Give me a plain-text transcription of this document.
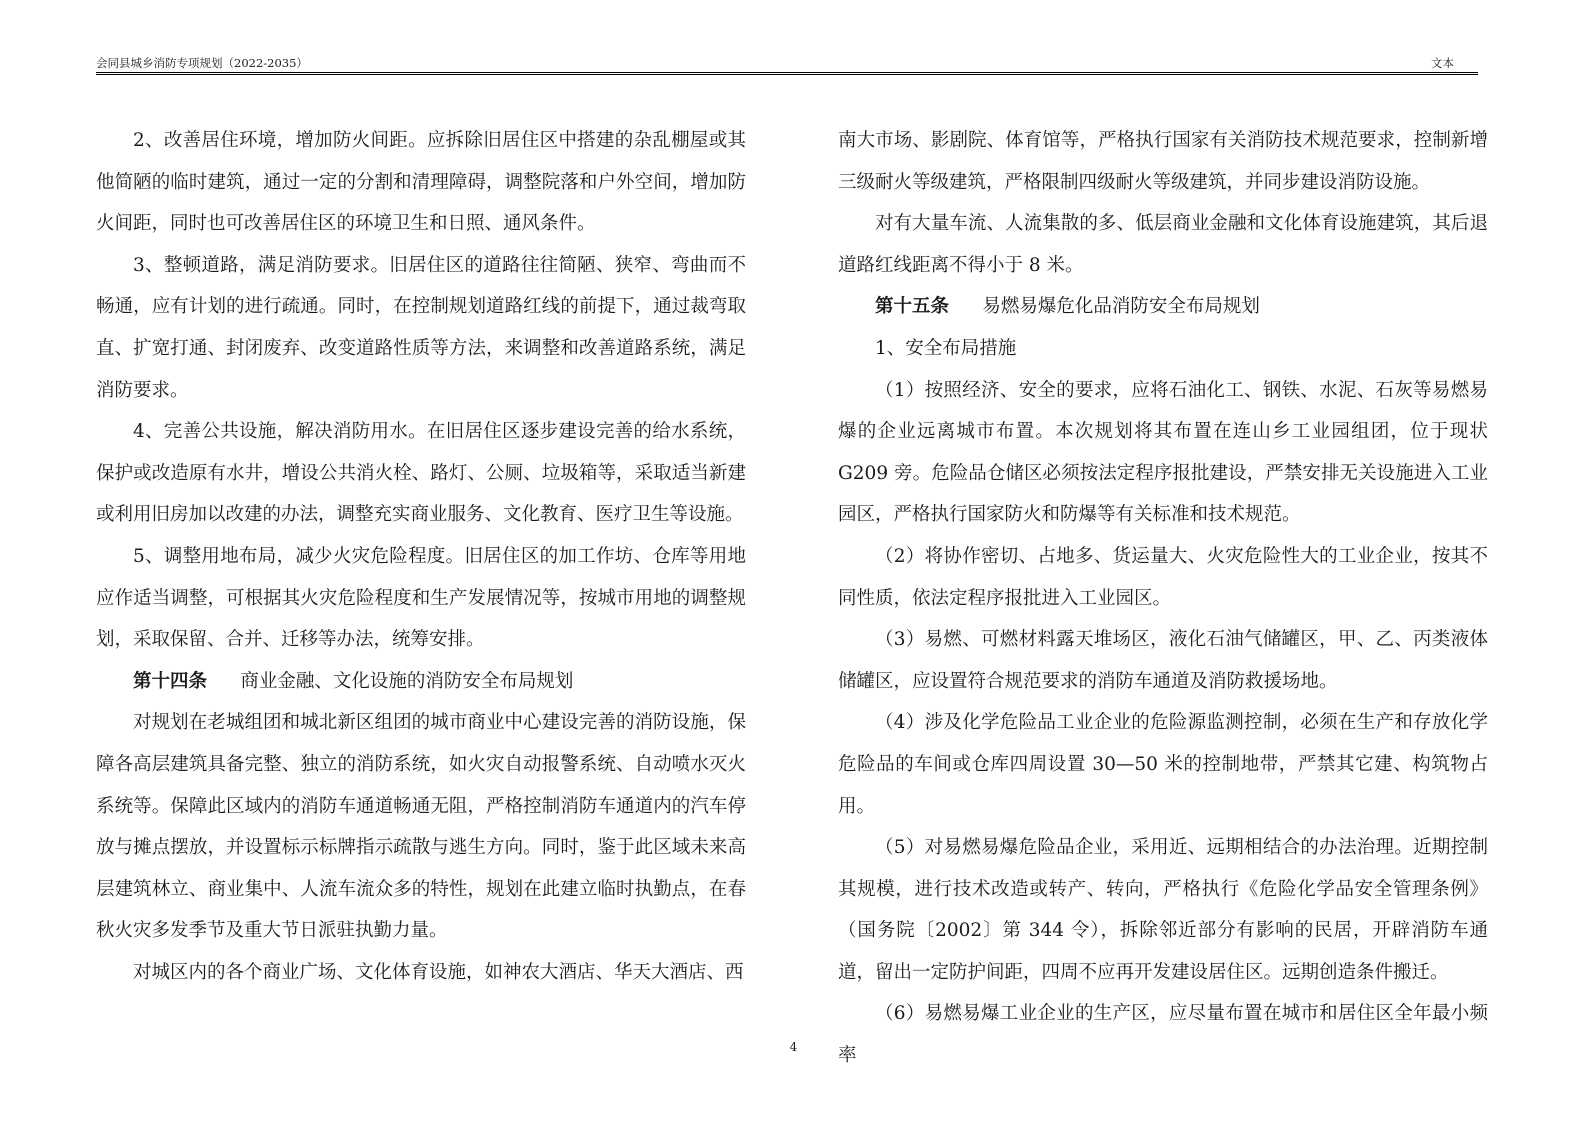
会同县城乡消防专项规划（2022-2035）	文本

2、改善居住环境，增加防火间距。应拆除旧居住区中搭建的杂乱棚屋或其他简陋的临时建筑，通过一定的分割和清理障碍，调整院落和户外空间，增加防火间距，同时也可改善居住区的环境卫生和日照、通风条件。

3、整顿道路，满足消防要求。旧居住区的道路往往简陋、狭窄、弯曲而不畅通，应有计划的进行疏通。同时，在控制规划道路红线的前提下，通过裁弯取直、扩宽打通、封闭废弃、改变道路性质等方法，来调整和改善道路系统，满足消防要求。

4、完善公共设施，解决消防用水。在旧居住区逐步建设完善的给水系统，保护或改造原有水井，增设公共消火栓、路灯、公厕、垃圾箱等，采取适当新建或利用旧房加以改建的办法，调整充实商业服务、文化教育、医疗卫生等设施。

5、调整用地布局，减少火灾危险程度。旧居住区的加工作坊、仓库等用地应作适当调整，可根据其火灾危险程度和生产发展情况等，按城市用地的调整规划，采取保留、合并、迁移等办法，统筹安排。

第十四条 商业金融、文化设施的消防安全布局规划

对规划在老城组团和城北新区组团的城市商业中心建设完善的消防设施，保障各高层建筑具备完整、独立的消防系统，如火灾自动报警系统、自动喷水灭火系统等。保障此区域内的消防车通道畅通无阻，严格控制消防车通道内的汽车停放与摊点摆放，并设置标示标牌指示疏散与逃生方向。同时，鉴于此区域未来高层建筑林立、商业集中、人流车流众多的特性，规划在此建立临时执勤点，在春秋火灾多发季节及重大节日派驻执勤力量。

对城区内的各个商业广场、文化体育设施，如神农大酒店、华天大酒店、西

南大市场、影剧院、体育馆等，严格执行国家有关消防技术规范要求，控制新增三级耐火等级建筑，严格限制四级耐火等级建筑，并同步建设消防设施。

对有大量车流、人流集散的多、低层商业金融和文化体育设施建筑，其后退道路红线距离不得小于 8 米。

第十五条 易燃易爆危化品消防安全布局规划

1、安全布局措施

（1）按照经济、安全的要求，应将石油化工、钢铁、水泥、石灰等易燃易爆的企业远离城市布置。本次规划将其布置在连山乡工业园组团，位于现状 G209 旁。危险品仓储区必须按法定程序报批建设，严禁安排无关设施进入工业园区，严格执行国家防火和防爆等有关标准和技术规范。

（2）将协作密切、占地多、货运量大、火灾危险性大的工业企业，按其不同性质，依法定程序报批进入工业园区。

（3）易燃、可燃材料露天堆场区，液化石油气储罐区，甲、乙、丙类液体储罐区，应设置符合规范要求的消防车通道及消防救援场地。

（4）涉及化学危险品工业企业的危险源监测控制，必须在生产和存放化学危险品的车间或仓库四周设置 30—50 米的控制地带，严禁其它建、构筑物占用。

（5）对易燃易爆危险品企业，采用近、远期相结合的办法治理。近期控制其规模，进行技术改造或转产、转向，严格执行《危险化学品安全管理条例》（国务院〔2002〕第 344 令），拆除邻近部分有影响的民居，开辟消防车通道，留出一定防护间距，四周不应再开发建设居住区。远期创造条件搬迁。

（6）易燃易爆工业企业的生产区，应尽量布置在城市和居住区全年最小频率

4
